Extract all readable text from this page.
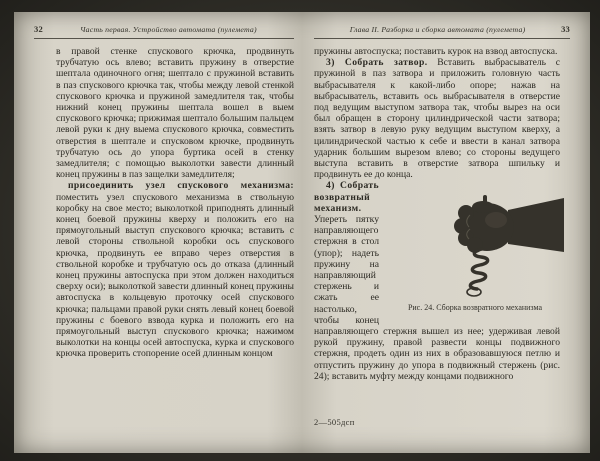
32	Часть первая. Устройство автомата (пулемета)

в правой стенке спускового крючка, продвинуть трубчатую ось влево; вставить пружину в отверстие шептала одиночного огня; шептало с пружиной вставить в паз спускового крючка так, чтобы между левой стенкой спускового крючка и пружиной замедлителя так, чтобы нижний конец пружины шептала вошел в выем спускового крючка; прижимая шептало большим пальцем левой руки к дну выема спускового крючка, совместить отверстия в шептале и спусковом крючке, продвинуть трубчатую ось до упора буртика осей в стенку замедлителя; с помощью выколотки завести длинный конец пружины в паз защелки замедлителя;

присоединить узел спускового механизма: поместить узел спускового механизма в ствольную коробку на свое место; выколоткой приподнять длинный конец боевой пружины кверху и положить его на прямоугольный выступ спускового крючка; вставить с левой стороны ствольной коробки ось спускового крючка, продвинуть ее вправо через отверстия в ствольной коробке и трубчатую ось до отказа (длинный конец пружины автоспуска при этом должен находиться сверху оси); выколоткой завести длинный конец пружины автоспуска в кольцевую проточку осей спускового крючка; пальцами правой руки снять левый конец боевой пружины с боевого взвода курка и положить его на прямоугольный выступ спускового крючка; нажимом выколотки на концы осей автоспуска, курка и спускового крючка проверить стопорение осей длинным концом

Глава II. Разборка и сборка автомата (пулемета)	33

пружины автоспуска; поставить курок на взвод автоспуска.

3) Собрать затвор. Вставить выбрасыватель с пружиной в паз затвора и приложить головную часть выбрасывателя к какой-либо опоре; нажав на выбрасыватель, вставить ось выбрасывателя в отверстие под ведущим выступом затвора так, чтобы вырез на оси был обращен в сторону цилиндрической части затвора; взять затвор в левую руку ведущим выступом кверху, а цилиндрической частью к себе и ввести в канал затвора ударник большим вырезом влево; со стороны ведущего выступа вставить в отверстие затвора шпильку и продвинуть ее до конца.

Рис. 24. Сборка возвратного механизма

4) Собрать возвратный механизм. Упереть пятку направляющего стержня в стол (упор); надеть пружину на направляющий стержень и сжать ее настолько, чтобы конец направляющего стержня вышел из нее; удерживая левой рукой пружину, правой развести концы подвижного стержня, продеть один из них в образовавшуюся петлю и отпустить пружину до упора в подвижный стержень (рис. 24); вставить муфту между концами подвижного

2—505дсп
